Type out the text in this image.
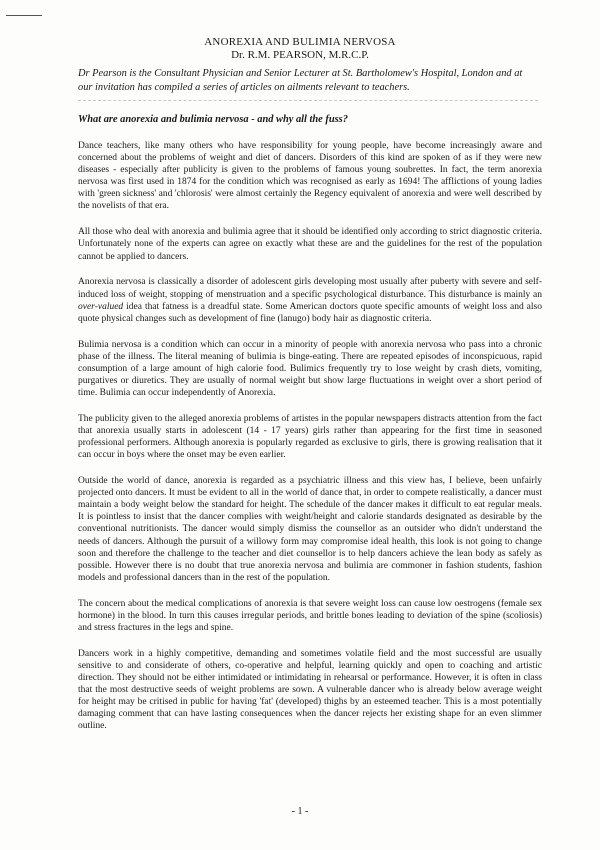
ANOREXIA AND BULIMIA NERVOSA

Dr. R.M. PEARSON, M.R.C.P.

Dr Pearson is the Consultant Physician and Senior Lecturer at St. Bartholomew's Hospital, London and at our invitation has compiled a series of articles on ailments relevant to teachers.

What are anorexia and bulimia nervosa - and why all the fuss?

Dance teachers, like many others who have responsibility for young people, have become increasingly aware and concerned about the problems of weight and diet of dancers. Disorders of this kind are spoken of as if they were new diseases - especially after publicity is given to the problems of famous young soubrettes. In fact, the term anorexia nervosa was first used in 1874 for the condition which was recognised as early as 1694! The afflictions of young ladies with 'green sickness' and 'chlorosis' were almost certainly the Regency equivalent of anorexia and were well described by the novelists of that era.

All those who deal with anorexia and bulimia agree that it should be identified only according to strict diagnostic criteria. Unfortunately none of the experts can agree on exactly what these are and the guidelines for the rest of the population cannot be applied to dancers.

Anorexia nervosa is classically a disorder of adolescent girls developing most usually after puberty with severe and self-induced loss of weight, stopping of menstruation and a specific psychological disturbance. This disturbance is mainly an over-valued idea that fatness is a dreadful state. Some American doctors quote specific amounts of weight loss and also quote physical changes such as development of fine (lanugo) body hair as diagnostic criteria.

Bulimia nervosa is a condition which can occur in a minority of people with anorexia nervosa who pass into a chronic phase of the illness. The literal meaning of bulimia is binge-eating. There are repeated episodes of inconspicuous, rapid consumption of a large amount of high calorie food. Bulimics frequently try to lose weight by crash diets, vomiting, purgatives or diuretics. They are usually of normal weight but show large fluctuations in weight over a short period of time. Bulimia can occur independently of Anorexia.

The publicity given to the alleged anorexia problems of artistes in the popular newspapers distracts attention from the fact that anorexia usually starts in adolescent (14 - 17 years) girls rather than appearing for the first time in seasoned professional performers. Although anorexia is popularly regarded as exclusive to girls, there is growing realisation that it can occur in boys where the onset may be even earlier.

Outside the world of dance, anorexia is regarded as a psychiatric illness and this view has, I believe, been unfairly projected onto dancers. It must be evident to all in the world of dance that, in order to compete realistically, a dancer must maintain a body weight below the standard for height. The schedule of the dancer makes it difficult to eat regular meals. It is pointless to insist that the dancer complies with weight/height and calorie standards designated as desirable by the conventional nutritionists. The dancer would simply dismiss the counsellor as an outsider who didn't understand the needs of dancers. Although the pursuit of a willowy form may compromise ideal health, this look is not going to change soon and therefore the challenge to the teacher and diet counsellor is to help dancers achieve the lean body as safely as possible. However there is no doubt that true anorexia nervosa and bulimia are commoner in fashion students, fashion models and professional dancers than in the rest of the population.

The concern about the medical complications of anorexia is that severe weight loss can cause low oestrogens (female sex hormone) in the blood. In turn this causes irregular periods, and brittle bones leading to deviation of the spine (scoliosis) and stress fractures in the legs and spine.

Dancers work in a highly competitive, demanding and sometimes volatile field and the most successful are usually sensitive to and considerate of others, co-operative and helpful, learning quickly and open to coaching and artistic direction. They should not be either intimidated or intimidating in rehearsal or performance. However, it is often in class that the most destructive seeds of weight problems are sown. A vulnerable dancer who is already below average weight for height may be critised in public for having 'fat' (developed) thighs by an esteemed teacher. This is a most potentially damaging comment that can have lasting consequences when the dancer rejects her existing shape for an even slimmer outline.

- 1 -
